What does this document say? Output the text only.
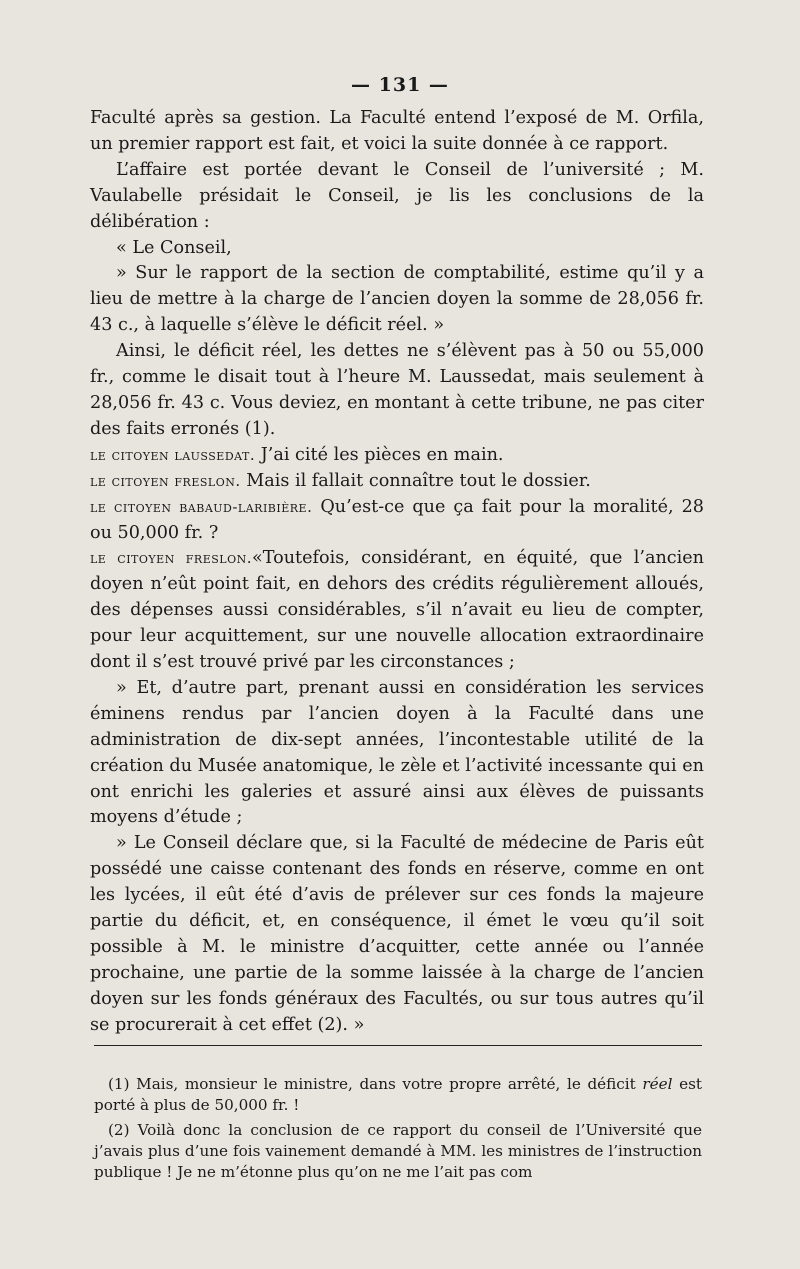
— 131 —

Faculté après sa gestion. La Faculté entend l’exposé de M. Orfila, un premier rapport est fait, et voici la suite donnée à ce rapport.

L’affaire est portée devant le Conseil de l’université ; M. Vaulabelle présidait le Conseil, je lis les conclusions de la délibération :

« Le Conseil,

» Sur le rapport de la section de comptabilité, estime qu’il y a lieu de mettre à la charge de l’ancien doyen la somme de 28,056 fr. 43 c., à laquelle s’élève le déficit réel. »

Ainsi, le déficit réel, les dettes ne s’élèvent pas à 50 ou 55,000 fr., comme le disait tout à l’heure M. Laussedat, mais seulement à 28,056 fr. 43 c. Vous deviez, en montant à cette tribune, ne pas citer des faits erronés (1).

le citoyen laussedat. J’ai cité les pièces en main.

le citoyen freslon. Mais il fallait connaître tout le dossier.

le citoyen babaud-laribière. Qu’est-ce que ça fait pour la moralité, 28 ou 50,000 fr. ?

le citoyen freslon.«Toutefois, considérant, en équité, que l’ancien doyen n’eût point fait, en dehors des crédits régulièrement alloués, des dépenses aussi considérables, s’il n’avait eu lieu de compter, pour leur acquittement, sur une nouvelle allocation extraordinaire dont il s’est trouvé privé par les circonstances ;

» Et, d’autre part, prenant aussi en considération les services éminens rendus par l’ancien doyen à la Faculté dans une administration de dix-sept années, l’incontestable utilité de la création du Musée anatomique, le zèle et l’activité incessante qui en ont enrichi les galeries et assuré ainsi aux élèves de puissants moyens d’étude ;

» Le Conseil déclare que, si la Faculté de médecine de Paris eût possédé une caisse contenant des fonds en réserve, comme en ont les lycées, il eût été d’avis de prélever sur ces fonds la majeure partie du déficit, et, en conséquence, il émet le vœu qu’il soit possible à M. le ministre d’acquitter, cette année ou l’année prochaine, une partie de la somme laissée à la charge de l’ancien doyen sur les fonds généraux des Facultés, ou sur tous autres qu’il se procurerait à cet effet (2). »

(1) Mais, monsieur le ministre, dans votre propre arrêté, le déficit réel est porté à plus de 50,000 fr. !

(2) Voilà donc la conclusion de ce rapport du conseil de l’Université que j’avais plus d’une fois vainement demandé à MM. les ministres de l’instruction publique ! Je ne m’étonne plus qu’on ne me l’ait pas com
